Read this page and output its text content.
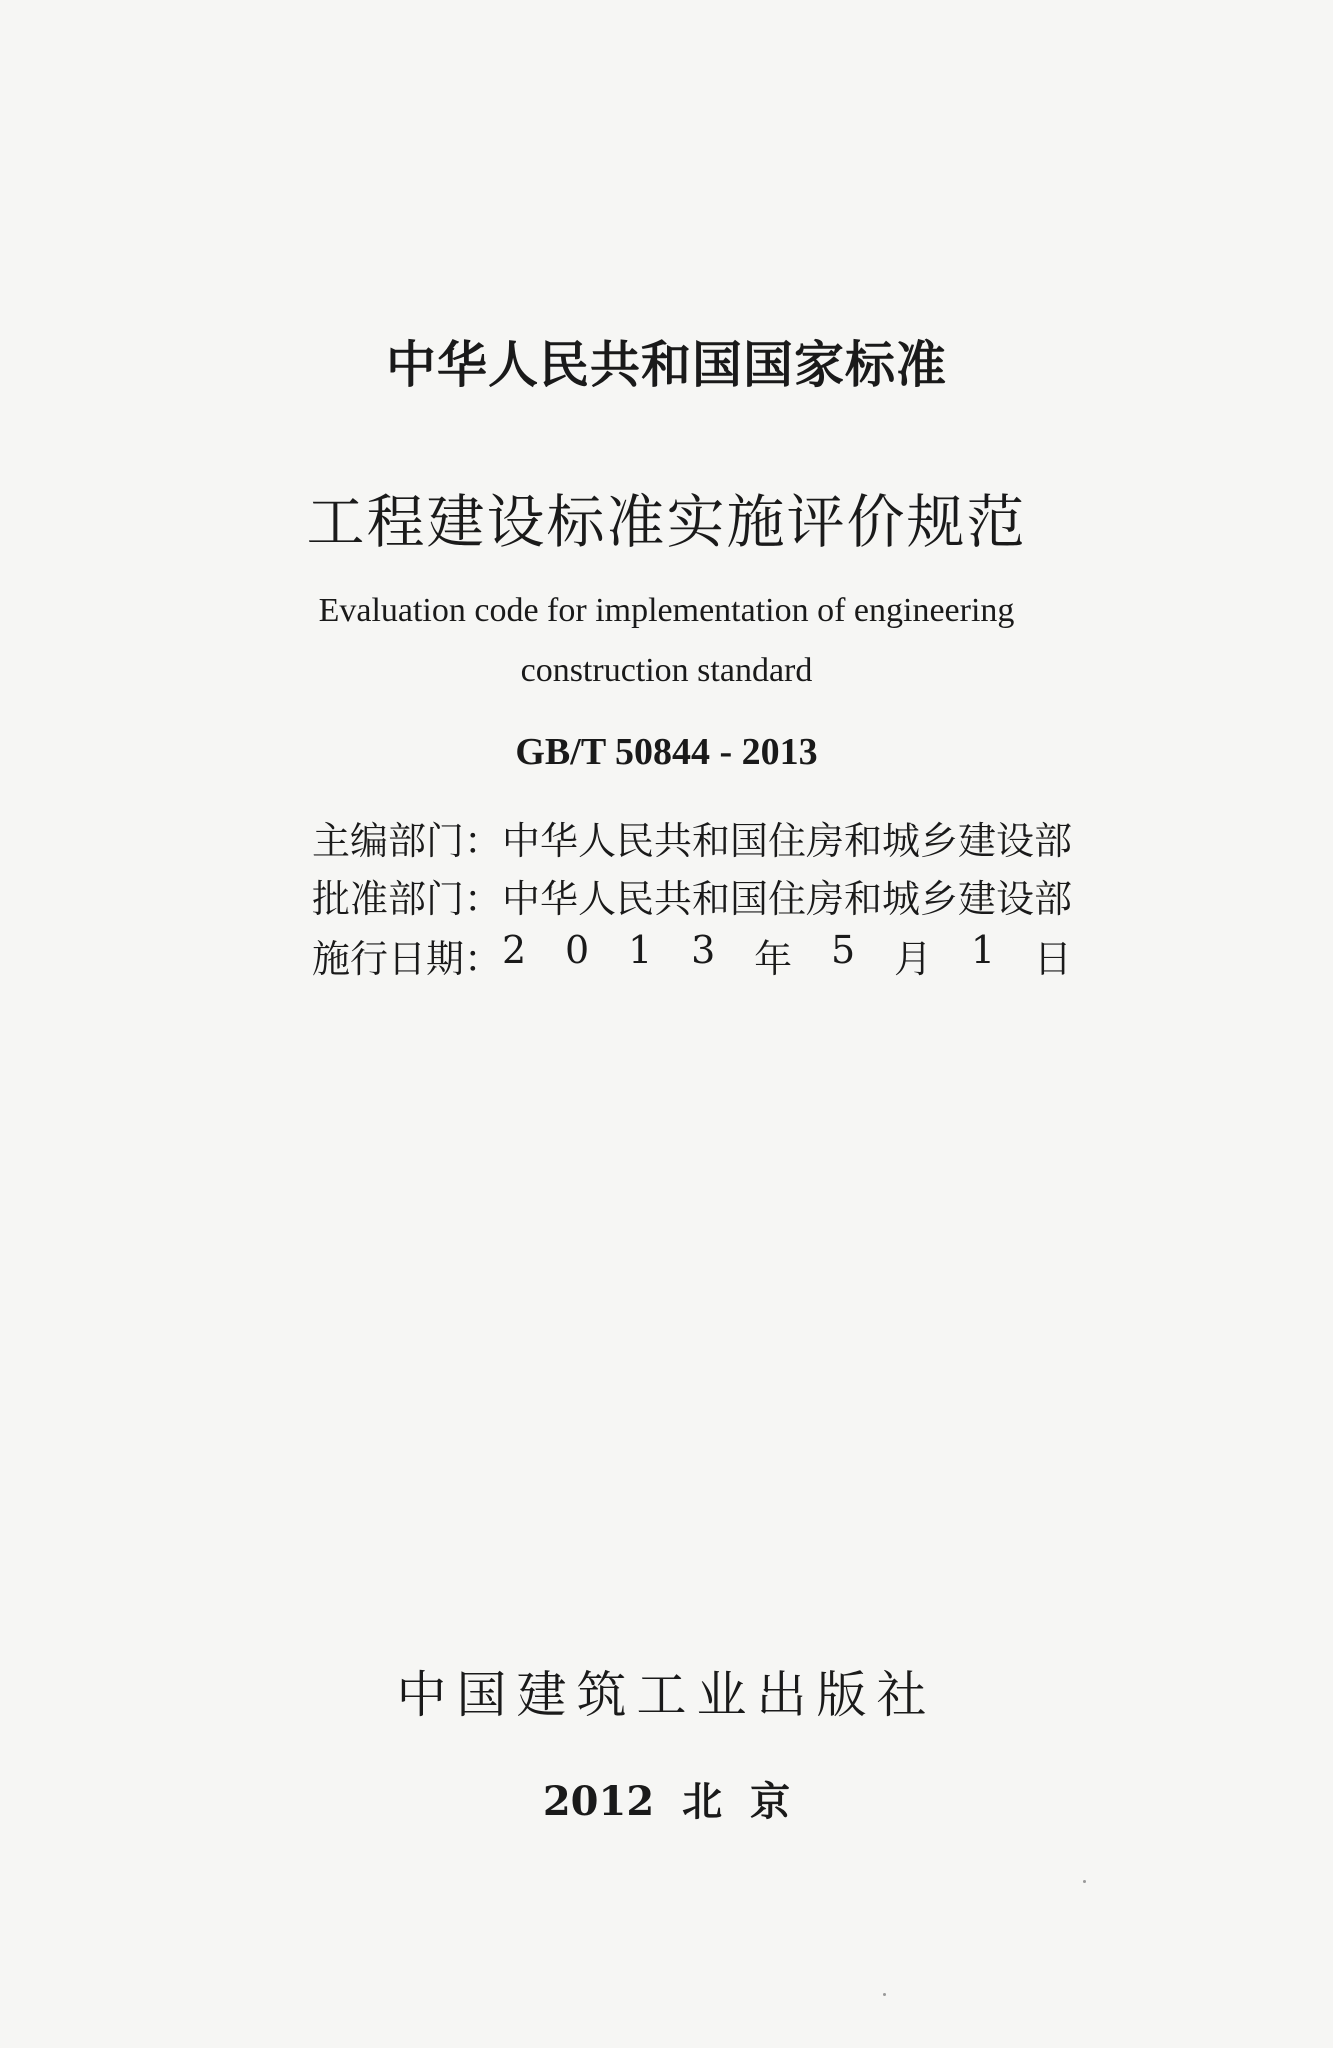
中华人民共和国国家标准
工程建设标准实施评价规范
Evaluation code for implementation of engineering
construction standard
GB/T 50844 - 2013
主编部门： 中华人民共和国住房和城乡建设部
批准部门： 中华人民共和国住房和城乡建设部
施行日期： 2 0 1 3 年 5 月 1 日
中国建筑工业出版社
2012 北 京
